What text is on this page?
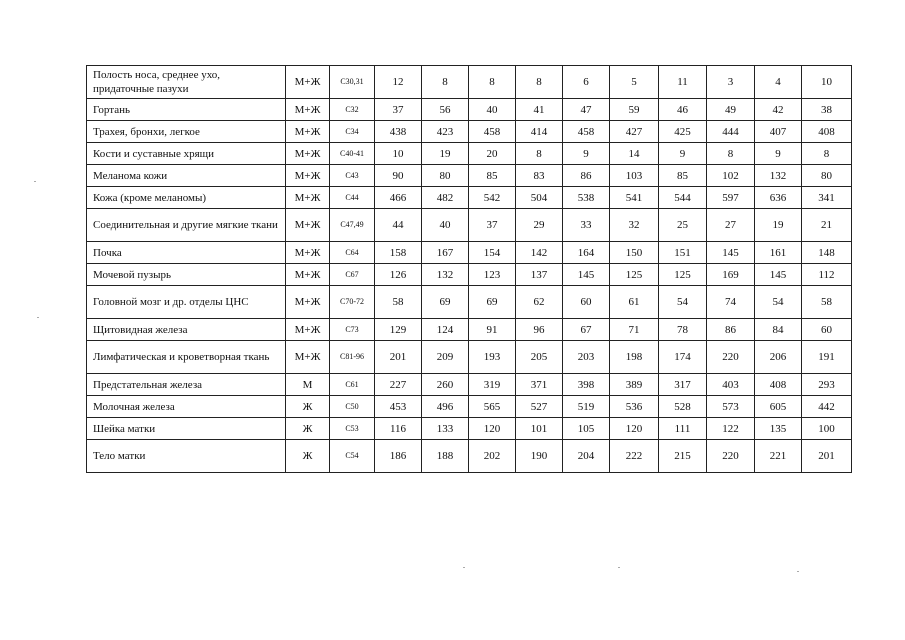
Полость носа, среднее ухо, придаточные пазухи	М+Ж	С30,31	12	8	8	8	6	5	11	3	4	10
Гортань	М+Ж	С32	37	56	40	41	47	59	46	49	42	38
Трахея, бронхи, легкое	М+Ж	С34	438	423	458	414	458	427	425	444	407	408
Кости и суставные хрящи	М+Ж	С40-41	10	19	20	8	9	14	9	8	9	8
Меланома кожи	М+Ж	С43	90	80	85	83	86	103	85	102	132	80
Кожа (кроме меланомы)	М+Ж	С44	466	482	542	504	538	541	544	597	636	341
Соединительная и другие мягкие ткани	М+Ж	С47,49	44	40	37	29	33	32	25	27	19	21
Почка	М+Ж	С64	158	167	154	142	164	150	151	145	161	148
Мочевой пузырь	М+Ж	С67	126	132	123	137	145	125	125	169	145	112
Головной мозг и др. отделы ЦНС	М+Ж	С70-72	58	69	69	62	60	61	54	74	54	58
Щитовидная железа	М+Ж	С73	129	124	91	96	67	71	78	86	84	60
Лимфатическая и кроветворная ткань	М+Ж	С81-96	201	209	193	205	203	198	174	220	206	191
Предстательная железа	М	С61	227	260	319	371	398	389	317	403	408	293
Молочная железа	Ж	С50	453	496	565	527	519	536	528	573	605	442
Шейка матки	Ж	С53	116	133	120	101	105	120	111	122	135	100
Тело матки	Ж	С54	186	188	202	190	204	222	215	220	221	201
